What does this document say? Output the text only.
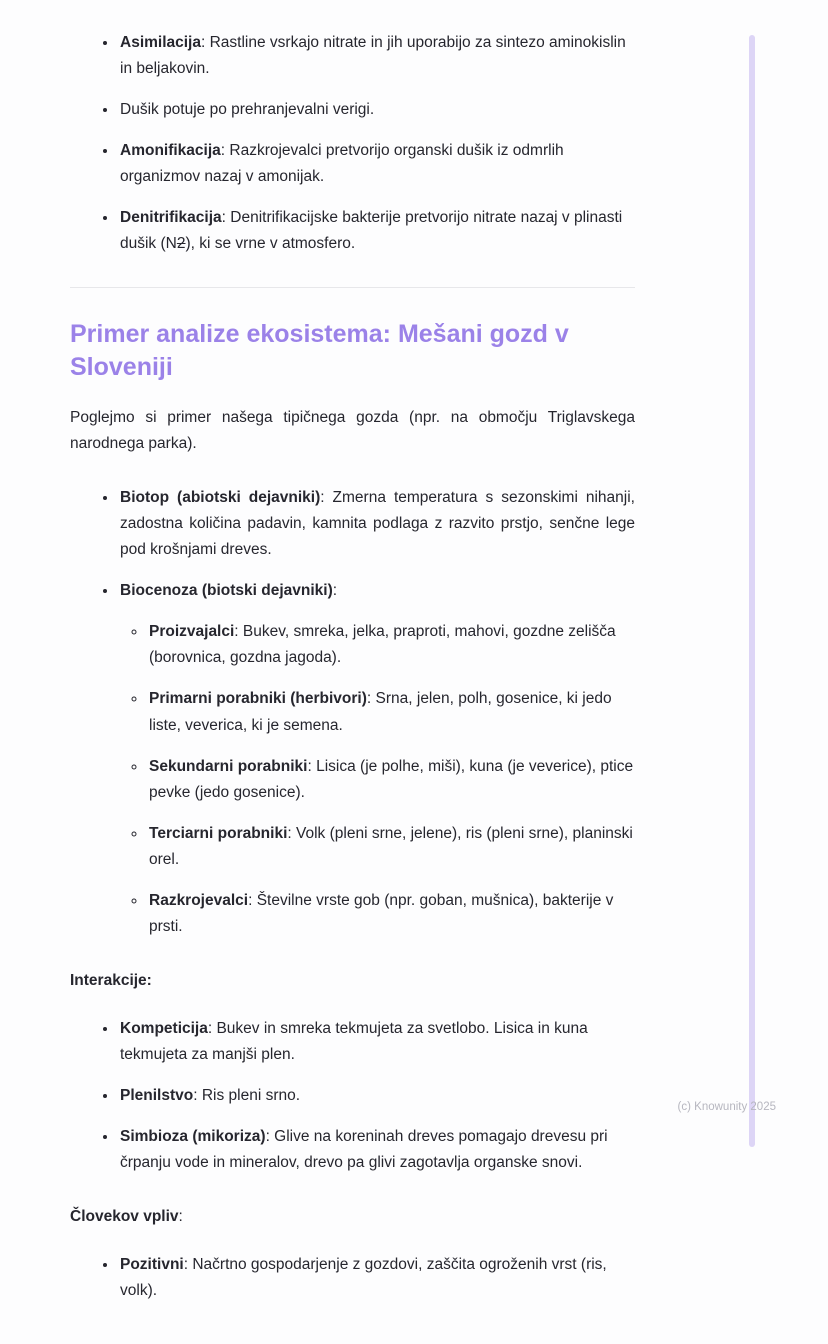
• Asimilacija: Rastline vsrkajo nitrate in jih uporabijo za sintezo aminokislin in beljakovin.
• Dušik potuje po prehranjevalni verigi.
• Amonifikacija: Razkrojevalci pretvorijo organski dušik iz odmrlih organizmov nazaj v amonijak.
• Denitrifikacija: Denitrifikacijske bakterije pretvorijo nitrate nazaj v plinasti dušik (N2), ki se vrne v atmosfero.
Primer analize ekosistema: Mešani gozd v Sloveniji

Poglejmo si primer našega tipičnega gozda (npr. na območju Triglavskega narodnega parka).

• Biotop (abiotski dejavniki): Zmerna temperatura s sezonskimi nihanji, zadostna količina padavin, kamnita podlaga z razvito prstjo, senčne lege pod krošnjami dreves.
• Biocenoza (biotski dejavniki):
◦ Proizvajalci: Bukev, smreka, jelka, praproti, mahovi, gozdne zelišča (borovnica, gozdna jagoda).
◦ Primarni porabniki (herbivori): Srna, jelen, polh, gosenice, ki jedo liste, veverica, ki je semena.
◦ Sekundarni porabniki: Lisica (je polhe, miši), kuna (je veverice), ptice pevke (jedo gosenice).
◦ Terciarni porabniki: Volk (pleni srne, jelene), ris (pleni srne), planinski orel.
◦ Razkrojevalci: Številne vrste gob (npr. goban, mušnica), bakterije v prsti.

Interakcije:

• Kompeticija: Bukev in smreka tekmujeta za svetlobo. Lisica in kuna tekmujeta za manjši plen.
• Plenilstvo: Ris pleni srno.
• Simbioza (mikoriza): Glive na koreninah dreves pomagajo drevesu pri črpanju vode in mineralov, drevo pa glivi zagotavlja organske snovi.

Človekov vpliv:

• Pozitivni: Načrtno gospodarjenje z gozdovi, zaščita ogroženih vrst (ris, volk).
(c) Knowunity 2025
